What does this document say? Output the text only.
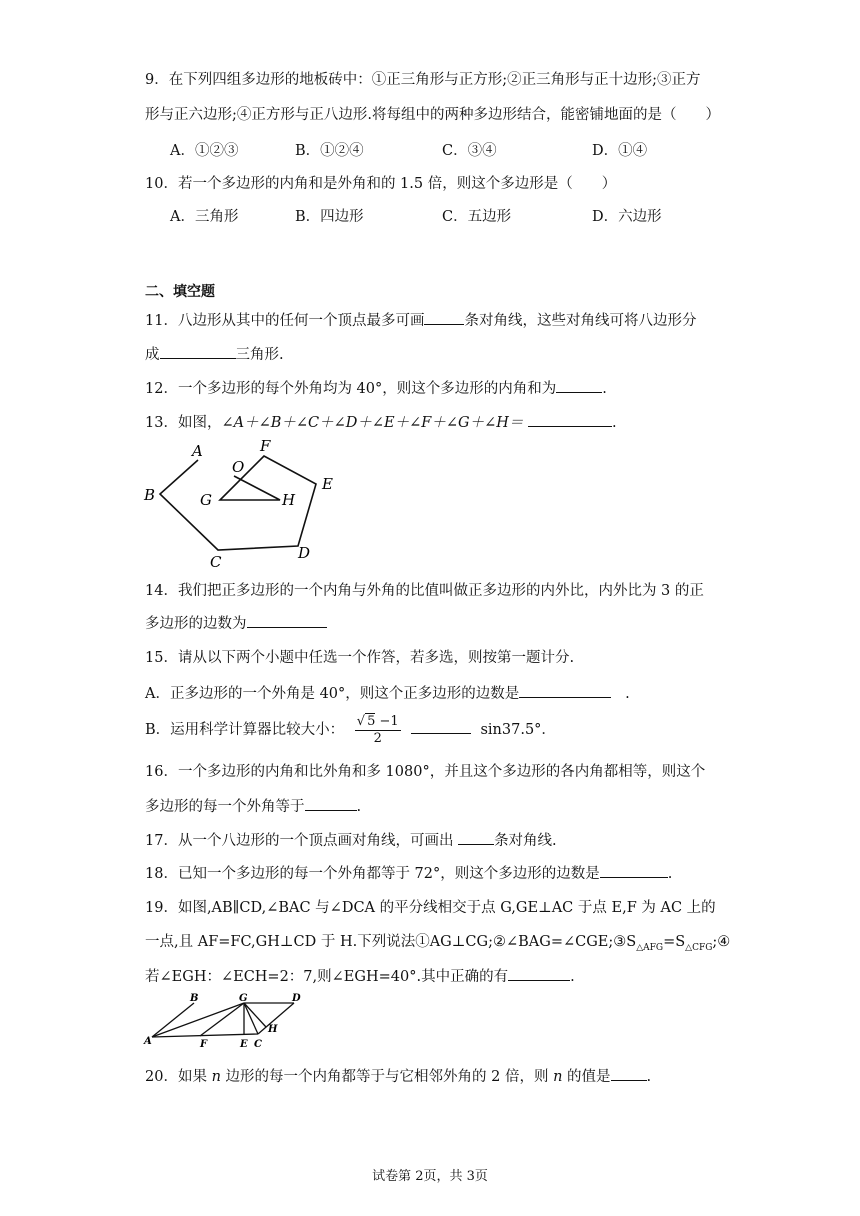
9．在下列四组多边形的地板砖中：①正三角形与正方形;②正三角形与正十边形;③正方
形与正六边形;④正方形与正八边形.将每组中的两种多边形结合，能密铺地面的是（　　）
A．①②③	B．①②④	C．③④	D．①④
10．若一个多边形的内角和是外角和的 1.5 倍，则这个多边形是（　　）
A．三角形	B．四边形	C．五边形	D．六边形
二、填空题
11．八边形从其中的任何一个顶点最多可画	条对角线，这些对角线可将八边形分
成	三角形.
12．一个多边形的每个外角均为 40°，则这个多边形的内角和为	.
13．如图，∠A＋∠B＋∠C＋∠D＋∠E＋∠F＋∠G＋∠H＝	.
A
B
C	D
E
F
G	H
O
14．我们把正多边形的一个内角与外角的比值叫做正多边形的内外比，内外比为 3 的正
多边形的边数为
15．请从以下两个小题中任选一个作答，若多选，则按第一题计分.
A．正多边形的一个外角是 40°，则这个正多边形的边数是	.
B．运用科学计算器比较大小： $\frac{√ 5 -1}{2}$	sin37.5°．
16．一个多边形的内角和比外角和多 1080°，并且这个多边形的各内角都相等，则这个
多边形的每一个外角等于	.
17．从一个八边形的一个顶点画对角线，可画出 条对角线.
18．已知一个多边形的每一个外角都等于 72°，则这个多边形的边数是	.
19．如图,AB∥CD,∠BAC 与∠DCA 的平分线相交于点 G,GE⊥AC 于点 E,F 为 AC 上的
一点,且 AF=FC,GH⊥CD 于 H.下列说法$①AG\perp CG;②\angle BAG=\angle CGE;③S_{\triangle AFG}=S_{\triangle CFG};④$
若∠EGH：∠ECH=2：7,则∠EGH=40°.其中正确的有	.
A
B
C
D
E
F
G
H
20．如果 n 边形的每一个内角都等于与它相邻外角的 2 倍，则 n 的值是 .
试卷第 2页，共 3页
